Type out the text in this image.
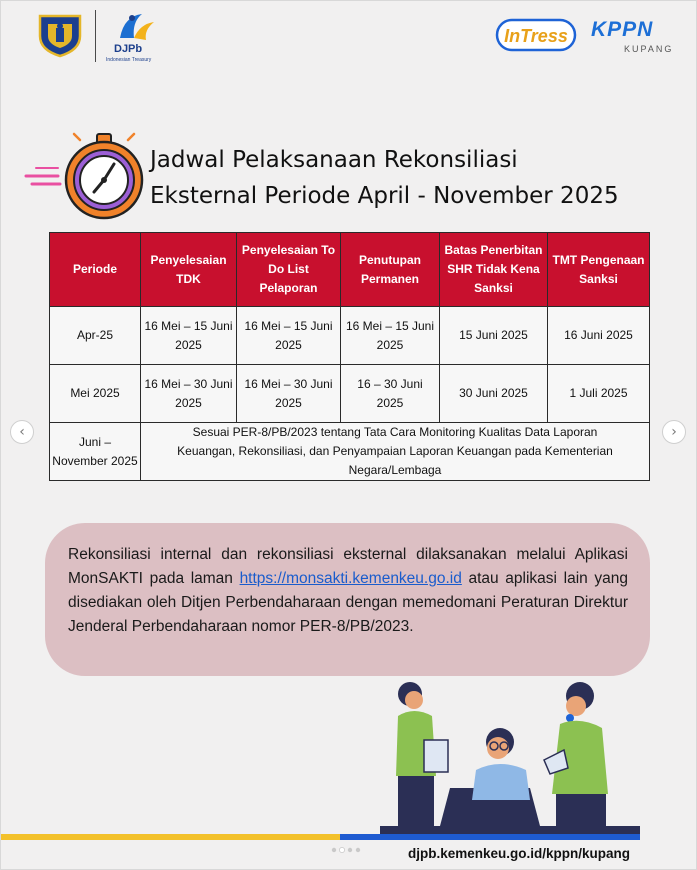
DJPb
Indonesian Treasury
InTress KPPN
KUPANG
Jadwal Pelaksanaan Rekonsiliasi
Eksternal Periode April - November 2025
Periode	Penyelesaian TDK	Penyelesaian To Do List Pelaporan	Penutupan Permanen	Batas Penerbitan SHR Tidak Kena Sanksi	TMT Pengenaan Sanksi
Apr-25	16 Mei – 15 Juni 2025	16 Mei – 15 Juni 2025	16 Mei – 15 Juni 2025	15 Juni 2025	16 Juni 2025
Mei 2025	16 Mei – 30 Juni 2025	16 Mei – 30 Juni 2025	16 – 30 Juni 2025	30 Juni 2025	1 Juli 2025
Juni – November 2025	Sesuai PER-8/PB/2023 tentang Tata Cara Monitoring Kualitas Data Laporan Keuangan, Rekonsiliasi, dan Penyampaian Laporan Keuangan pada Kementerian Negara/Lembaga				
‹	›
Rekonsiliasi internal dan rekonsiliasi eksternal dilaksanakan melalui Aplikasi MonSAKTI pada laman https://monsakti.kemenkeu.go.id atau aplikasi lain yang disediakan oleh Ditjen Perbendaharaan dengan memedomani Peraturan Direktur Jenderal Perbendaharaan nomor PER-8/PB/2023.
djpb.kemenkeu.go.id/kppn/kupang
